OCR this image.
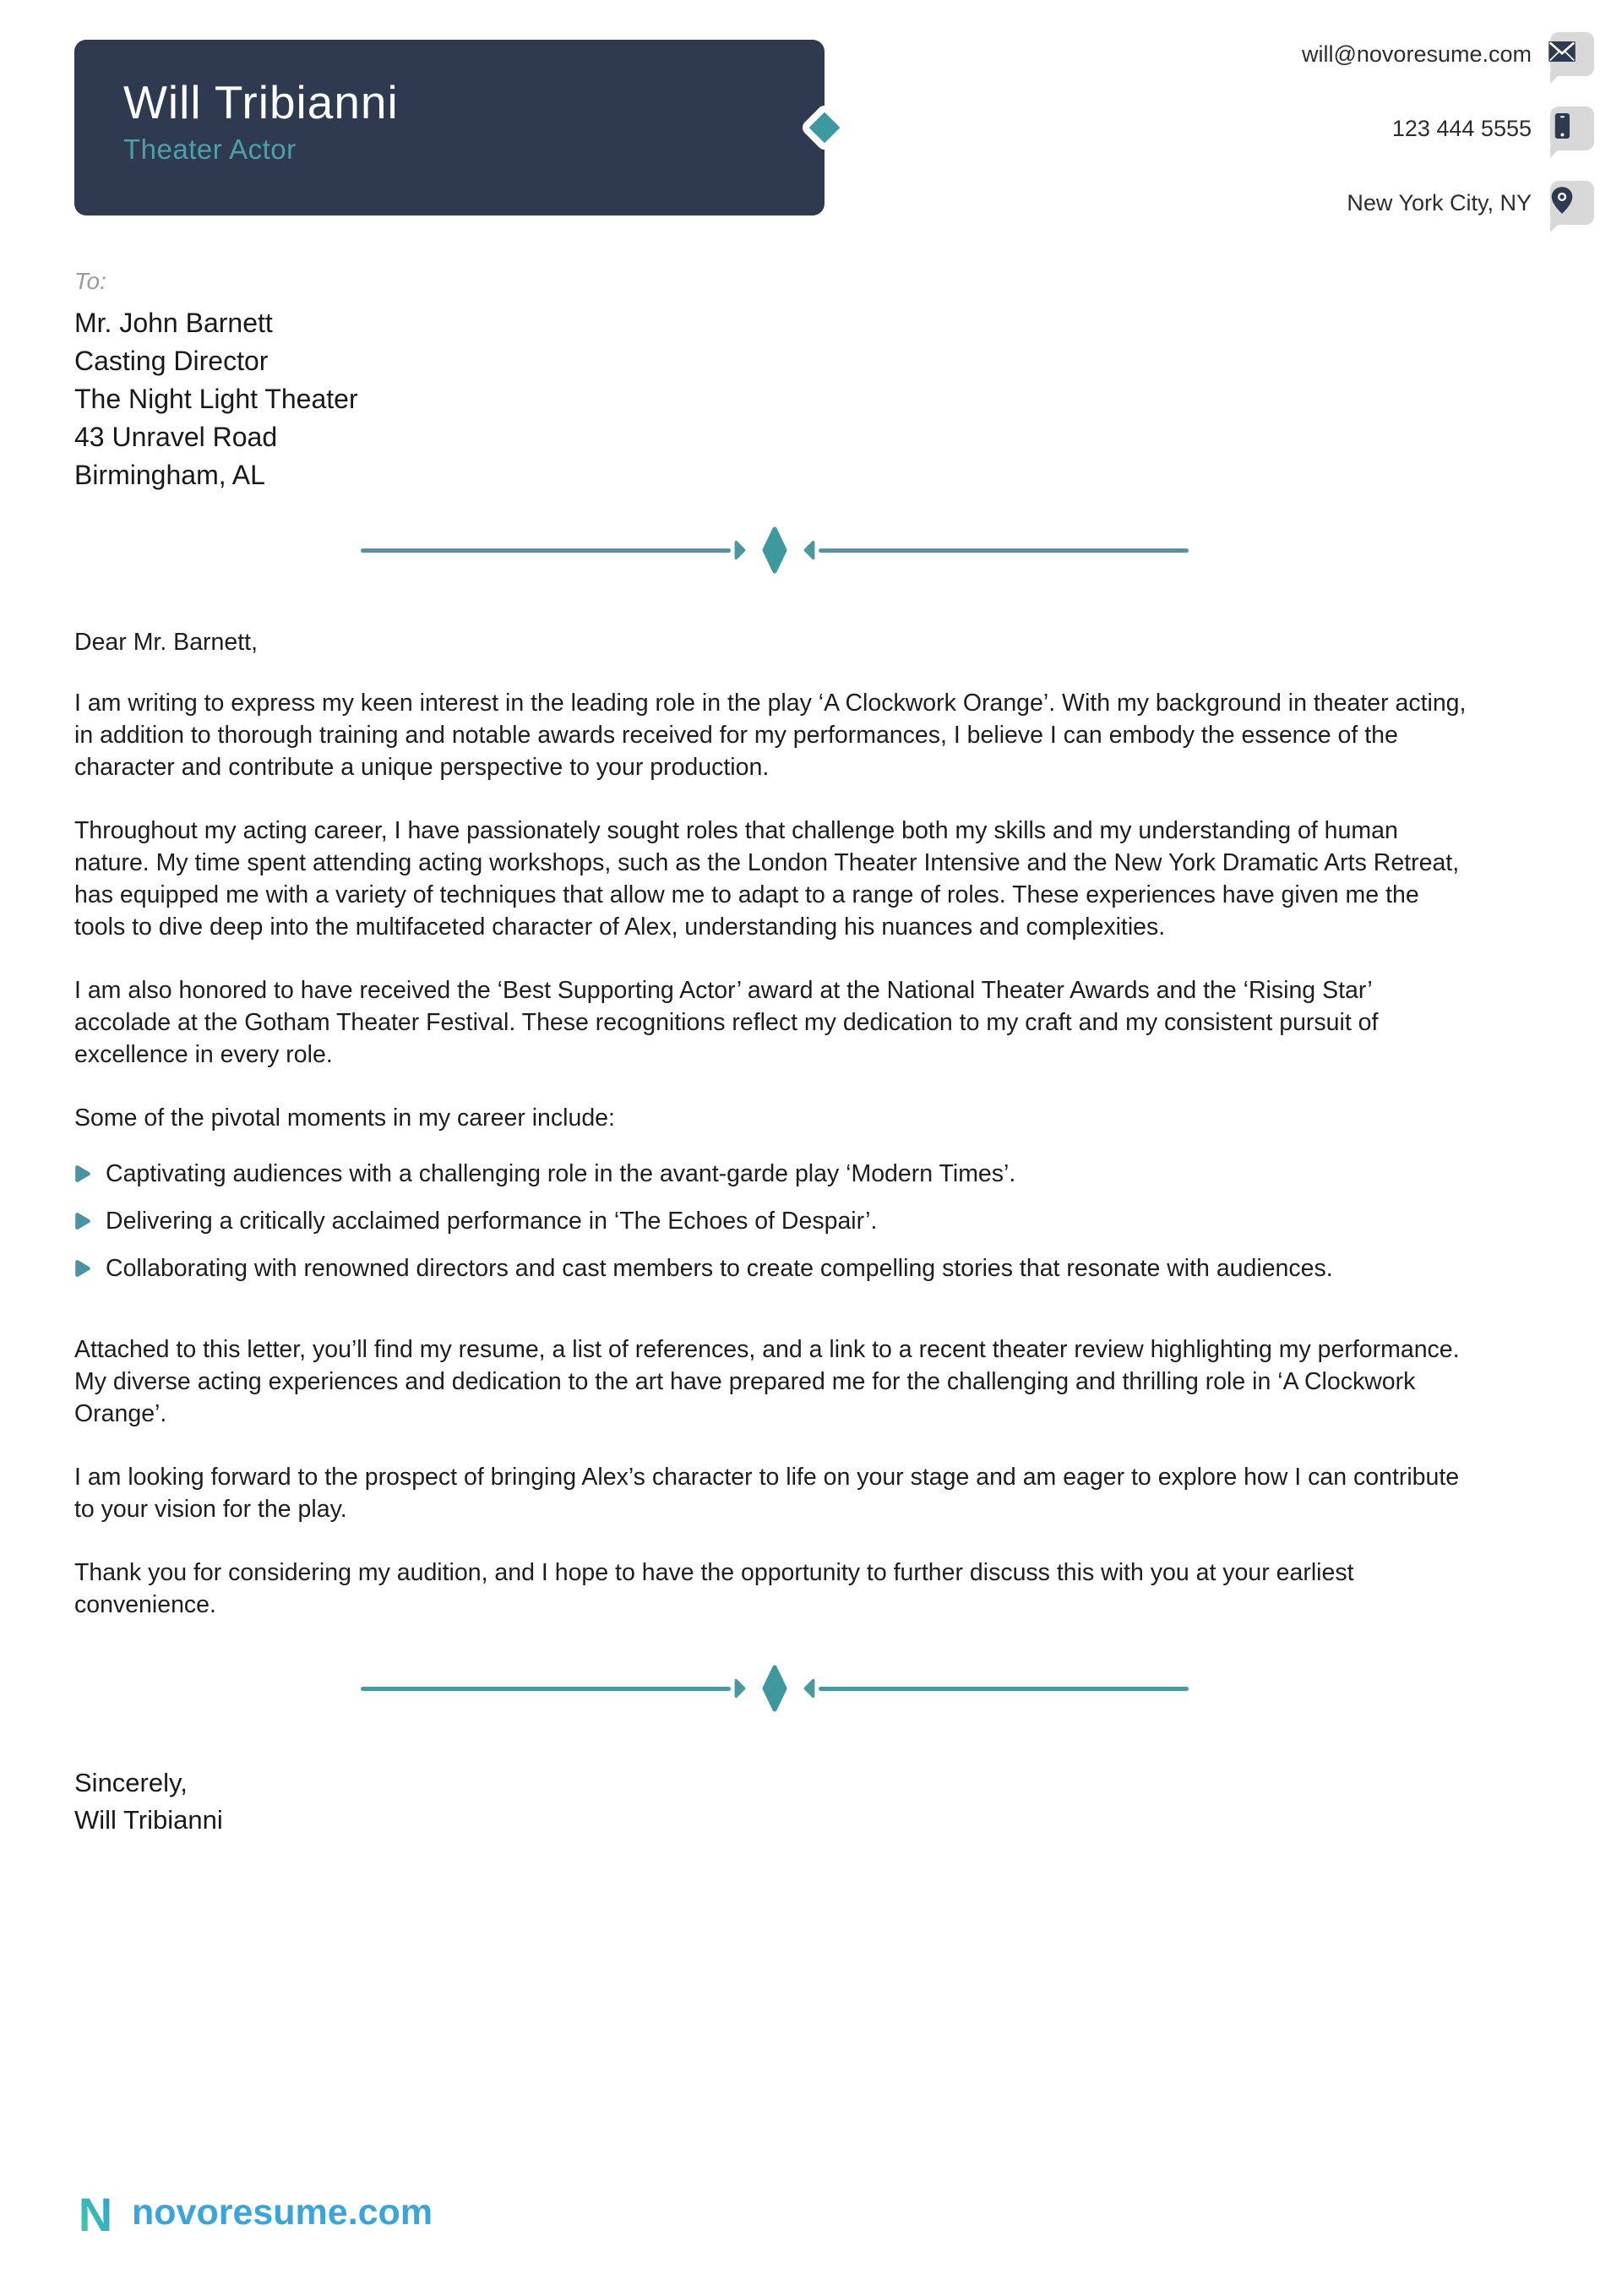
Will Tribianni
Theater Actor
will@novoresume.com
123 444 5555
New York City, NY
To:
Mr. John Barnett
Casting Director
The Night Light Theater
43 Unravel Road
Birmingham, AL

Dear Mr. Barnett,

I am writing to express my keen interest in the leading role in the play ‘A Clockwork Orange’. With my background in theater acting, in addition to thorough training and notable awards received for my performances, I believe I can embody the essence of the character and contribute a unique perspective to your production.

Throughout my acting career, I have passionately sought roles that challenge both my skills and my understanding of human nature. My time spent attending acting workshops, such as the London Theater Intensive and the New York Dramatic Arts Retreat, has equipped me with a variety of techniques that allow me to adapt to a range of roles. These experiences have given me the tools to dive deep into the multifaceted character of Alex, understanding his nuances and complexities.

I am also honored to have received the ‘Best Supporting Actor’ award at the National Theater Awards and the ‘Rising Star’ accolade at the Gotham Theater Festival. These recognitions reflect my dedication to my craft and my consistent pursuit of excellence in every role.

Some of the pivotal moments in my career include:

Captivating audiences with a challenging role in the avant-garde play ‘Modern Times’.
Delivering a critically acclaimed performance in ‘The Echoes of Despair’.
Collaborating with renowned directors and cast members to create compelling stories that resonate with audiences.

Attached to this letter, you’ll find my resume, a list of references, and a link to a recent theater review highlighting my performance. My diverse acting experiences and dedication to the art have prepared me for the challenging and thrilling role in ‘A Clockwork Orange’.

I am looking forward to the prospect of bringing Alex’s character to life on your stage and am eager to explore how I can contribute to your vision for the play.

Thank you for considering my audition, and I hope to have the opportunity to further discuss this with you at your earliest convenience.

Sincerely,
Will Tribianni
N novoresume.com
